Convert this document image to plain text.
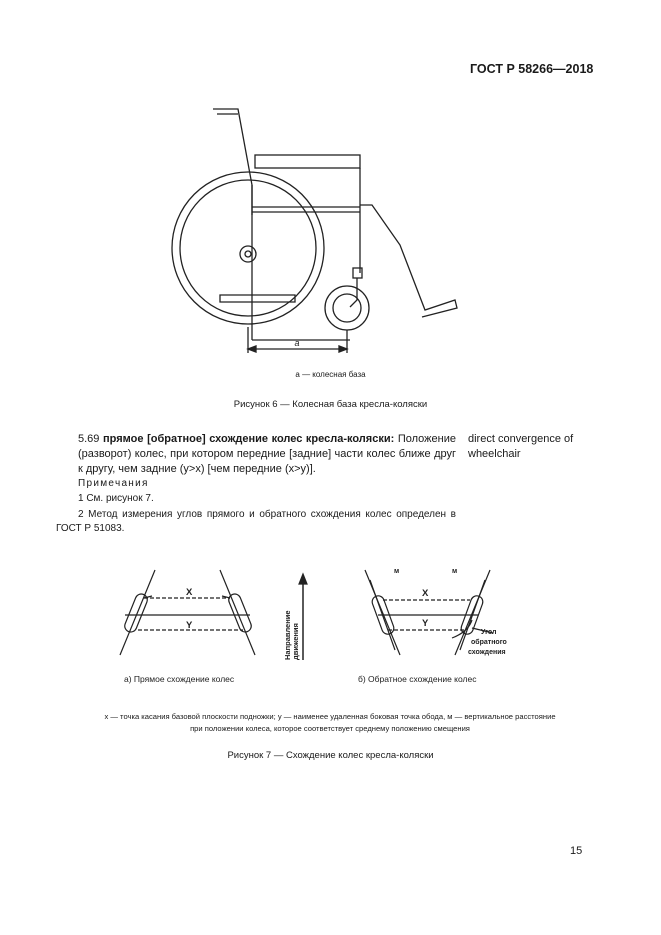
ГОСТ Р 58266—2018
a
a — колесная база
Рисунок 6 — Колесная база кресла-коляски
5.69 прямое [обратное] схождение колес кресла-коляски: Положение (разворот) колес, при котором передние [задние] части колес ближе друг к другу, чем задние (y>x) [чем передние (x>y)].
direct convergence of wheelchair
Примечания
1 См. рисунок 7.
2 Метод измерения углов прямого и обратного схождения колес определен в ГОСТ Р 51083.
X
Y
X
Y
м	м
Направление движения	Угол
обратного
схождения
а) Прямое схождение колес	б) Обратное схождение колес
x — точка касания базовой плоскости подножки; у — наименее удаленная боковая точка обода, м — вертикальное расстояние
при положении колеса, которое соответствует среднему положению смещения
Рисунок 7 — Схождение колес кресла-коляски
15
